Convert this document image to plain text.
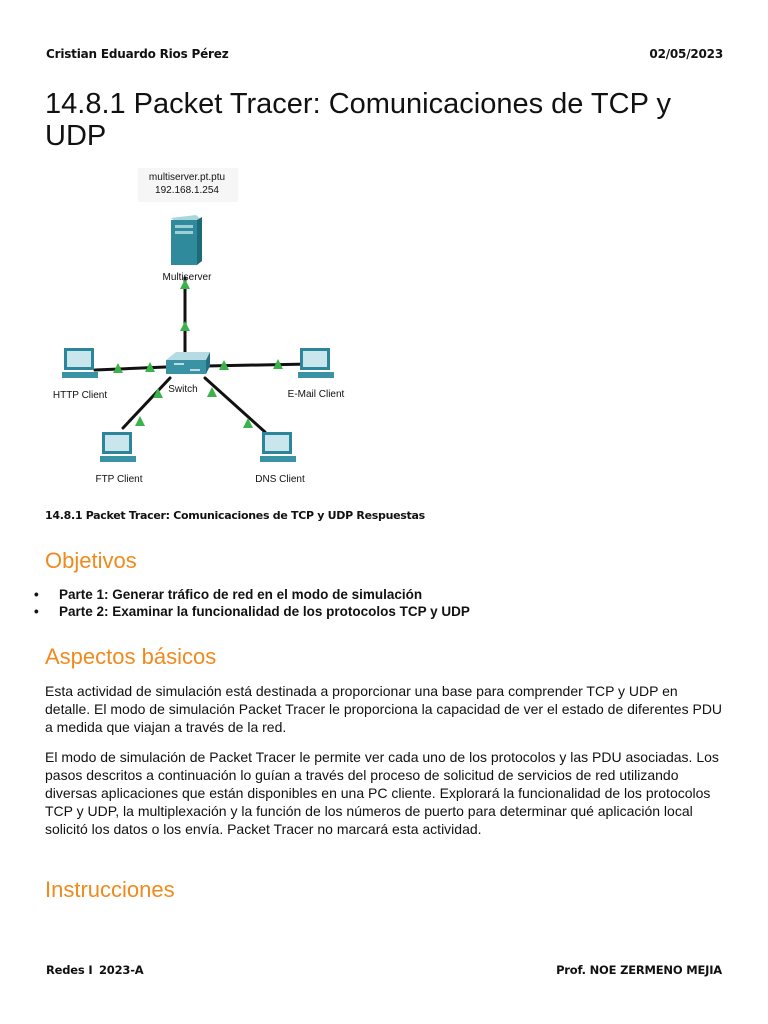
Cristian Eduardo Rios Pérez	02/05/2023
14.8.1 Packet Tracer: Comunicaciones de TCP y UDP
multiserver.pt.ptu
192.168.1.254
Multiserver
Switch
HTTP Client	E-Mail Client
FTP Client	DNS Client
14.8.1 Packet Tracer: Comunicaciones de TCP y UDP Respuestas
Objetivos
• Parte 1: Generar tráfico de red en el modo de simulación
• Parte 2: Examinar la funcionalidad de los protocolos TCP y UDP
Aspectos básicos

Esta actividad de simulación está destinada a proporcionar una base para comprender TCP y UDP en detalle. El modo de simulación Packet Tracer le proporciona la capacidad de ver el estado de diferentes PDU a medida que viajan a través de la red.

El modo de simulación de Packet Tracer le permite ver cada uno de los protocolos y las PDU asociadas. Los pasos descritos a continuación lo guían a través del proceso de solicitud de servicios de red utilizando diversas aplicaciones que están disponibles en una PC cliente. Explorará la funcionalidad de los protocolos TCP y UDP, la multiplexación y la función de los números de puerto para determinar qué aplicación local solicitó los datos o los envía. Packet Tracer no marcará esta actividad.

Instrucciones
Redes I 2023-A	Prof. NOE ZERMENO MEJIA
